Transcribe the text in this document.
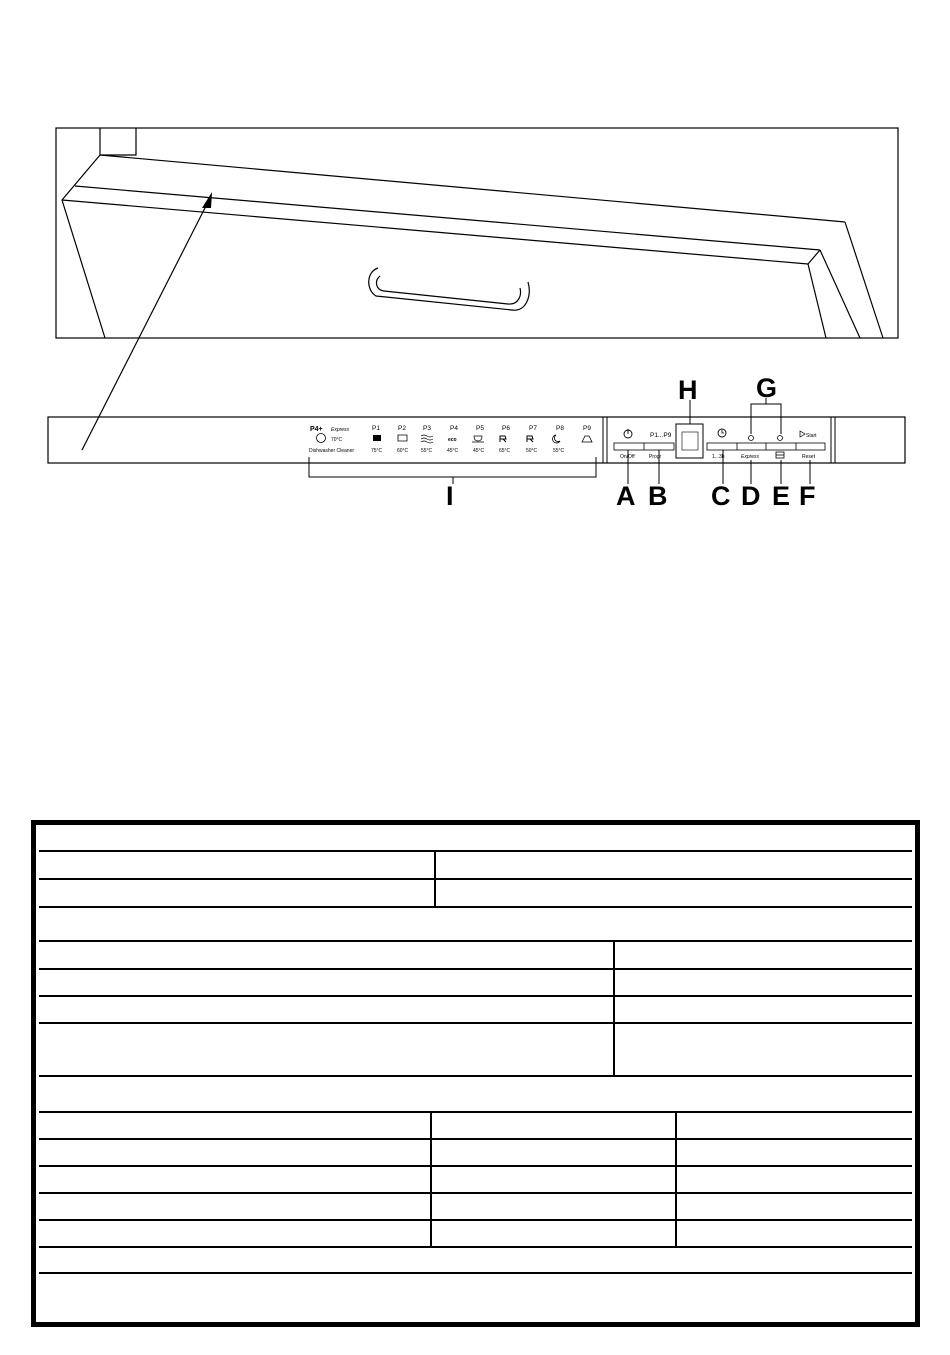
P4+ Express
70°C
Dishwasher Cleaner
P1
75°C
P2
60°C
P3
55°C
P4
eco
45°C
P5
45°C
P6
65°C
P7
50°C
P8
55°C
P9
P1...P9
On/Off	Progr
Start
1...3h	Express	Reset
H G
I	A B C D E F
